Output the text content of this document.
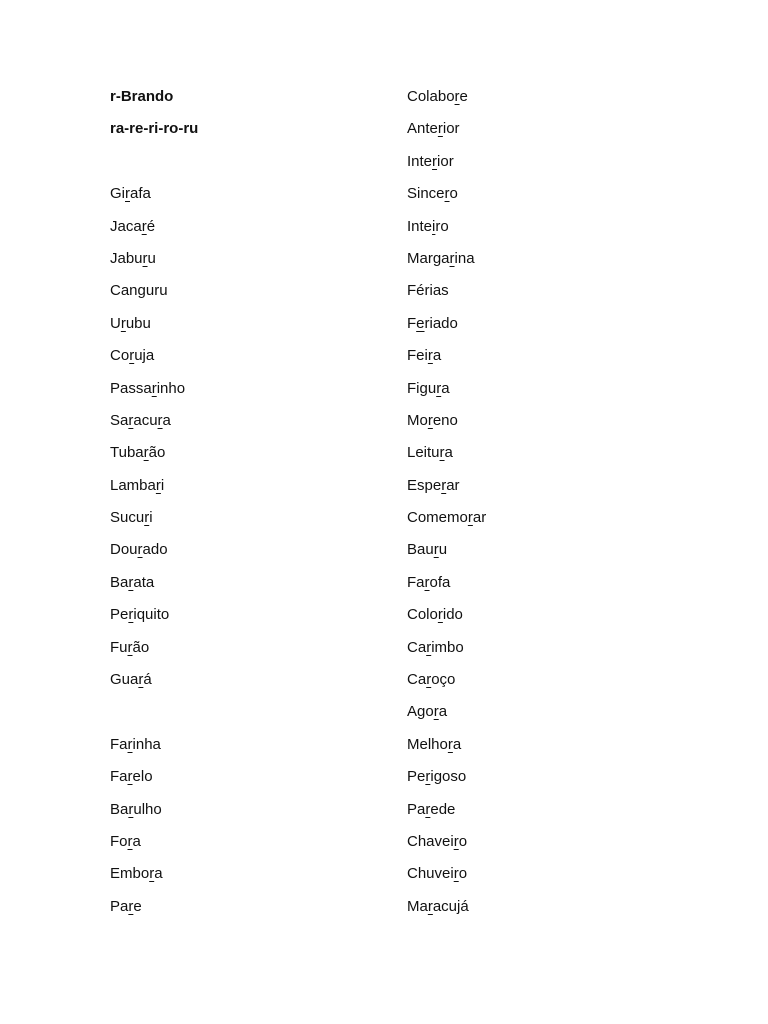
r-Brando
ra-re-ri-ro-ru
Girafa
Jacaré
Jaburu
Canguru
Urubu
Coruja
Passarinho
Saracura
Tubarão
Lambari
Sucuri
Dourado
Barata
Periquito
Furão
Guará
Farinha
Farelo
Barulho
Fora
Embora
Pare
Colabore
Anterior
Interior
Sincero
Inteiro
Margarina
Férias
Feriado
Feira
Figura
Moreno
Leitura
Esperar
Comemorar
Bauru
Farofa
Colorido
Carimbo
Caroço
Agora
Melhora
Perigoso
Parede
Chaveiro
Chuveiro
Maracujá
